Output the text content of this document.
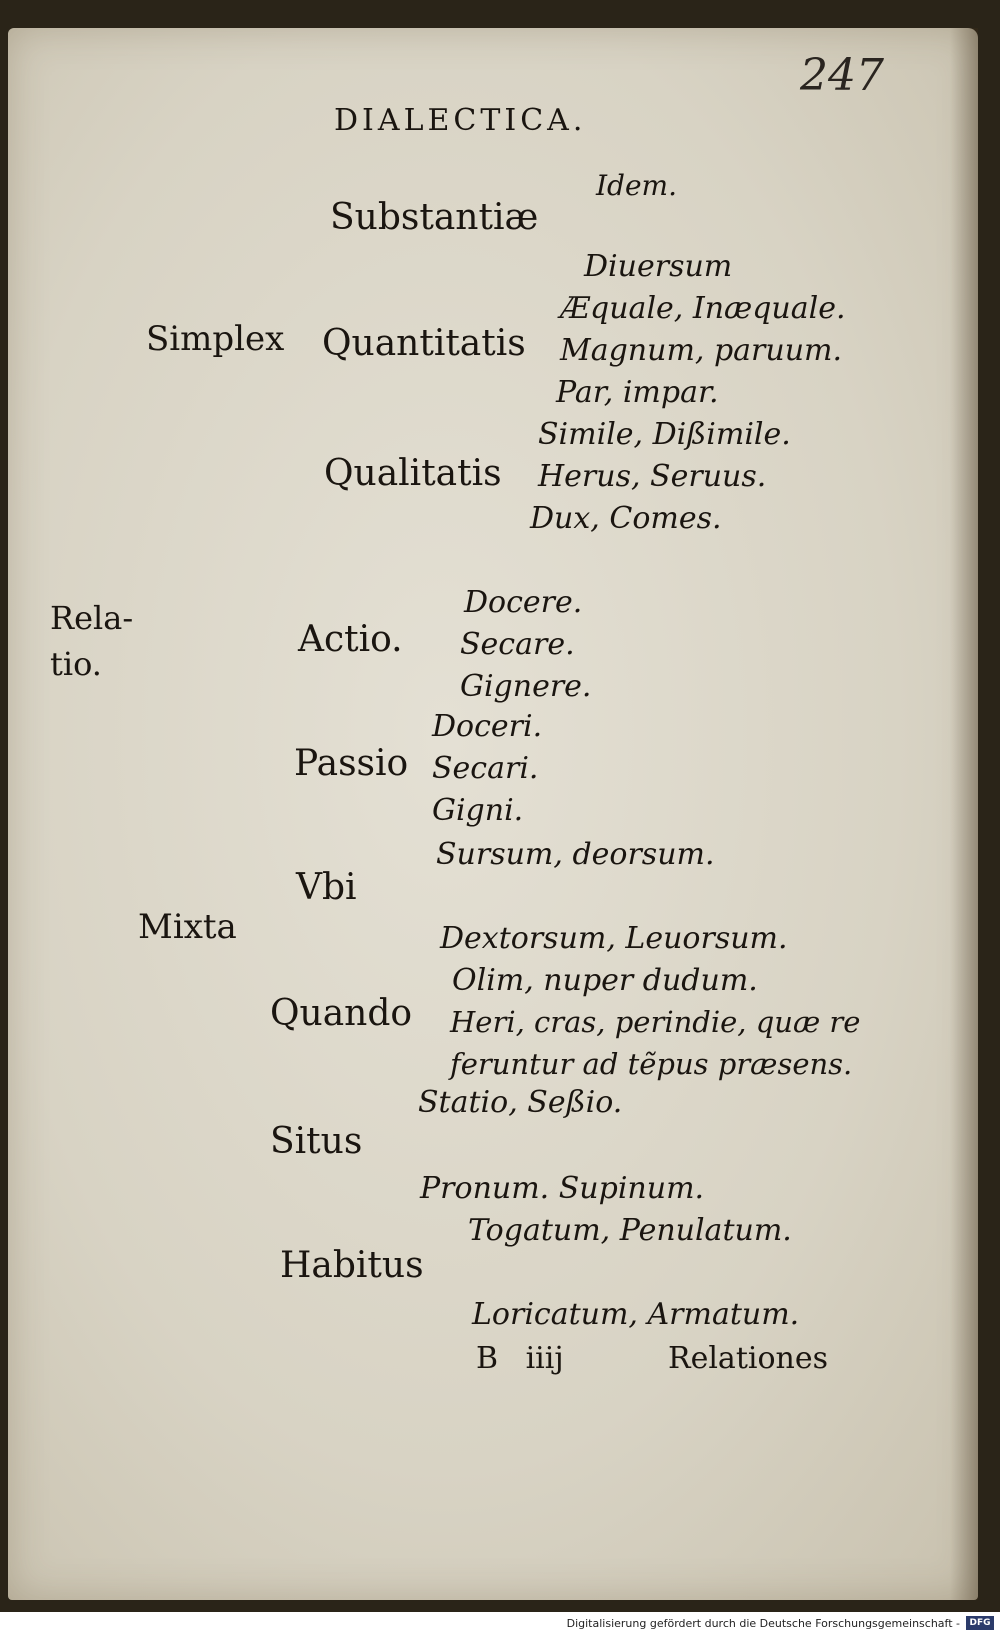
247
DIALECTICA.
Rela-
tio.
Simplex
Mixta
Substantiæ
Quantitatis
Qualitatis
Actio.
Passio
Vbi
Quando
Situs
Habitus
Idem.
Diuersum
Æquale, Inæquale.
Magnum, paruum.
Par, impar.
Simile, Dißimile.
Herus, Seruus.
Dux, Comes.
Docere.
Secare.
Gignere.
Doceri.
Secari.
Gigni.
Sursum, deorsum.
Dextorsum, Leuorsum.
Olim, nuper dudum.
Heri, cras, perindie, quæ re
feruntur ad tẽpus præsens.
Statio, Seßio.
Pronum. Supinum.
Togatum, Penulatum.
Loricatum, Armatum.
B iiij	Relationes
Digitalisierung gefördert durch die Deutsche Forschungsgemeinschaft -	DFG
